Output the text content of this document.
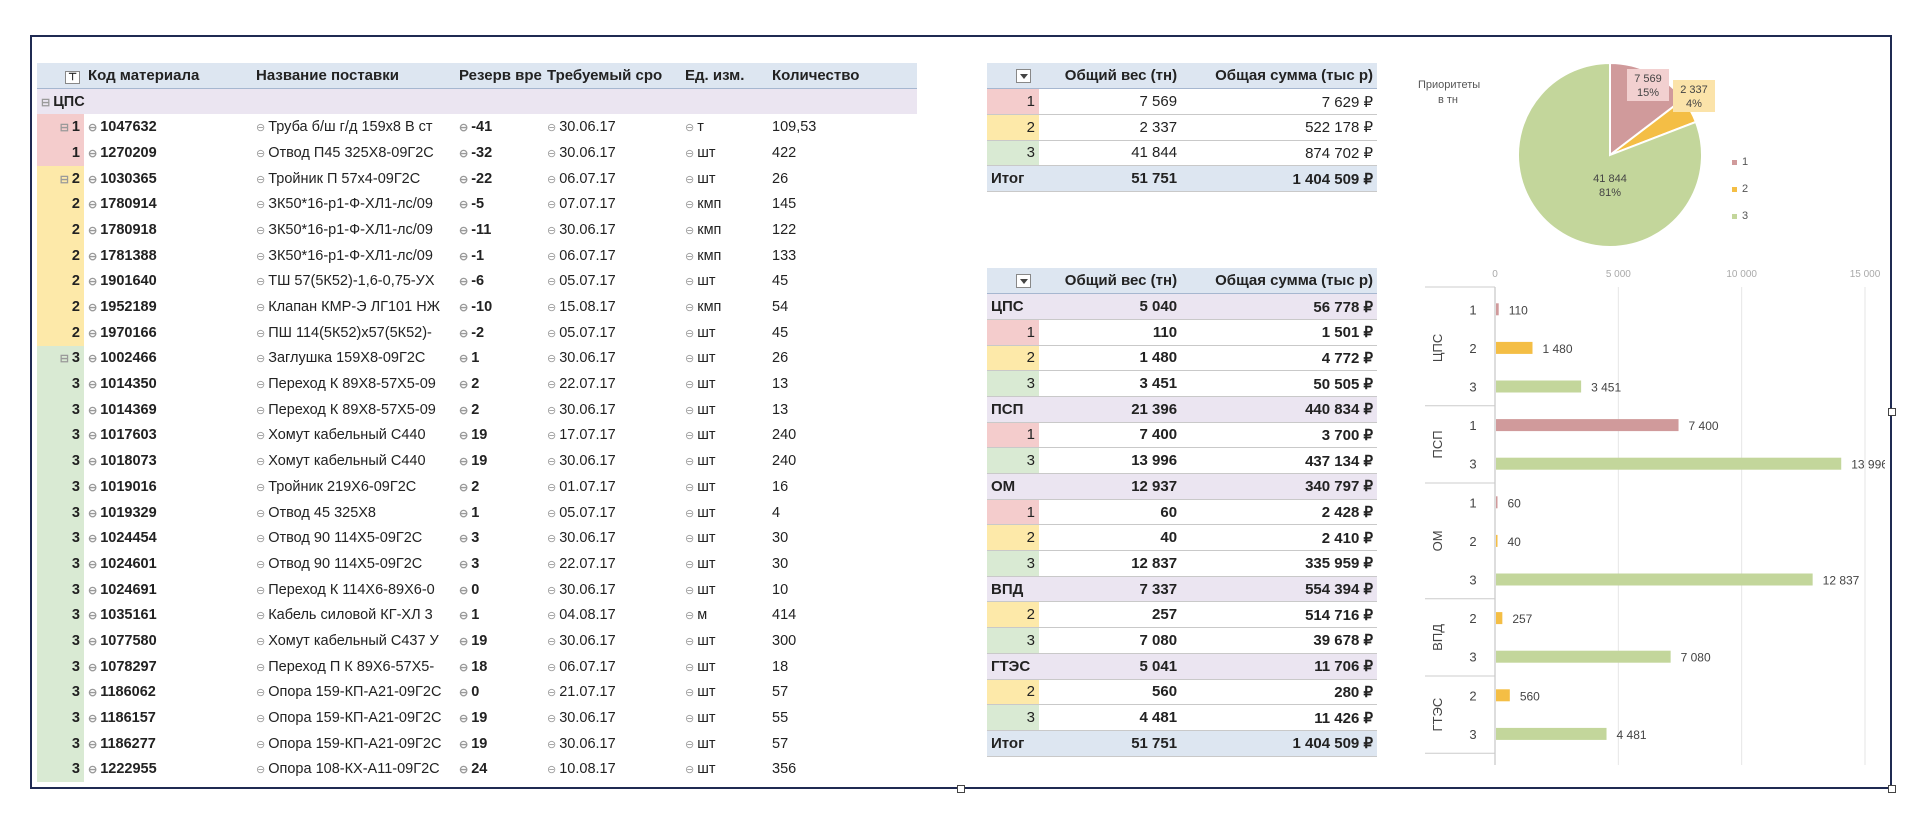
⊤	Код материала	Название поставки	Резерв вре	Требуемый сро	Ед. изм.	Количество
⊟ ЦПС						
⊟ 1	⊖ 1047632	⊖ Труба б/ш г/д 159х8 В ст	⊖ -41	⊖ 30.06.17	⊖ т	109,53
1	⊖ 1270209	⊖ Отвод П45 325Х8-09Г2С	⊖ -32	⊖ 30.06.17	⊖ шт	422
⊟ 2	⊖ 1030365	⊖ Тройник П 57х4-09Г2С	⊖ -22	⊖ 06.07.17	⊖ шт	26
2	⊖ 1780914	⊖ ЗК50*16-р1-Ф-ХЛ1-лс/09	⊖ -5	⊖ 07.07.17	⊖ кмп	145
2	⊖ 1780918	⊖ ЗК50*16-р1-Ф-ХЛ1-лс/09	⊖ -11	⊖ 30.06.17	⊖ кмп	122
2	⊖ 1781388	⊖ ЗК50*16-р1-Ф-ХЛ1-лс/09	⊖ -1	⊖ 06.07.17	⊖ кмп	133
2	⊖ 1901640	⊖ ТШ 57(5К52)-1,6-0,75-УХ	⊖ -6	⊖ 05.07.17	⊖ шт	45
2	⊖ 1952189	⊖ Клапан КМР-Э ЛГ101 НЖ	⊖ -10	⊖ 15.08.17	⊖ кмп	54
2	⊖ 1970166	⊖ ПШ 114(5К52)х57(5К52)-	⊖ -2	⊖ 05.07.17	⊖ шт	45
⊟ 3	⊖ 1002466	⊖ Заглушка 159Х8-09Г2С	⊖ 1	⊖ 30.06.17	⊖ шт	26
3	⊖ 1014350	⊖ Переход К 89Х8-57Х5-09	⊖ 2	⊖ 22.07.17	⊖ шт	13
3	⊖ 1014369	⊖ Переход К 89Х8-57Х5-09	⊖ 2	⊖ 30.06.17	⊖ шт	13
3	⊖ 1017603	⊖ Хомут кабельный С440	⊖ 19	⊖ 17.07.17	⊖ шт	240
3	⊖ 1018073	⊖ Хомут кабельный С440	⊖ 19	⊖ 30.06.17	⊖ шт	240
3	⊖ 1019016	⊖ Тройник 219Х6-09Г2С	⊖ 2	⊖ 01.07.17	⊖ шт	16
3	⊖ 1019329	⊖ Отвод 45 325Х8	⊖ 1	⊖ 05.07.17	⊖ шт	4
3	⊖ 1024454	⊖ Отвод 90 114Х5-09Г2С	⊖ 3	⊖ 30.06.17	⊖ шт	30
3	⊖ 1024601	⊖ Отвод 90 114Х5-09Г2С	⊖ 3	⊖ 22.07.17	⊖ шт	30
3	⊖ 1024691	⊖ Переход К 114Х6-89Х6-0	⊖ 0	⊖ 30.06.17	⊖ шт	10
3	⊖ 1035161	⊖ Кабель силовой КГ-ХЛ 3	⊖ 1	⊖ 04.08.17	⊖ м	414
3	⊖ 1077580	⊖ Хомут кабельный С437 У	⊖ 19	⊖ 30.06.17	⊖ шт	300
3	⊖ 1078297	⊖ Переход П К 89Х6-57Х5-	⊖ 18	⊖ 06.07.17	⊖ шт	18
3	⊖ 1186062	⊖ Опора 159-КП-А21-09Г2С	⊖ 0	⊖ 21.07.17	⊖ шт	57
3	⊖ 1186157	⊖ Опора 159-КП-А21-09Г2С	⊖ 19	⊖ 30.06.17	⊖ шт	55
3	⊖ 1186277	⊖ Опора 159-КП-А21-09Г2С	⊖ 19	⊖ 30.06.17	⊖ шт	57
3	⊖ 1222955	⊖ Опора 108-КХ-А11-09Г2С	⊖ 24	⊖ 10.08.17	⊖ шт	356
	Общий вес (тн)	Общая сумма (тыс р)
1	7 569	7 629 ₽
2	2 337	522 178 ₽
3	41 844	874 702 ₽
Итог	51 751	1 404 509 ₽
	Общий вес (тн)	Общая сумма (тыс р)
ЦПС	5 040	56 778 ₽
1	110	1 501 ₽
2	1 480	4 772 ₽
3	3 451	50 505 ₽
ПСП	21 396	440 834 ₽
1	7 400	3 700 ₽
3	13 996	437 134 ₽
ОМ	12 937	340 797 ₽
1	60	2 428 ₽
2	40	2 410 ₽
3	12 837	335 959 ₽
ВПД	7 337	554 394 ₽
2	257	514 716 ₽
3	7 080	39 678 ₽
ГТЭС	5 041	11 706 ₽
2	560	280 ₽
3	4 481	11 426 ₽
Итог	51 751	1 404 509 ₽
Приоритеты в тн
7 569
15% 2 337
4%
41 844
81%
1
2
3
0	5 000	10 000	15 000
1	110
2	1 480
3	3 451
ЦПС
1	7 400
3	13 996
ПСП
1	60
2	40
3	12 837
ОМ
2	257
3	7 080
ВПД
2	560
3	4 481
ГТЭС
